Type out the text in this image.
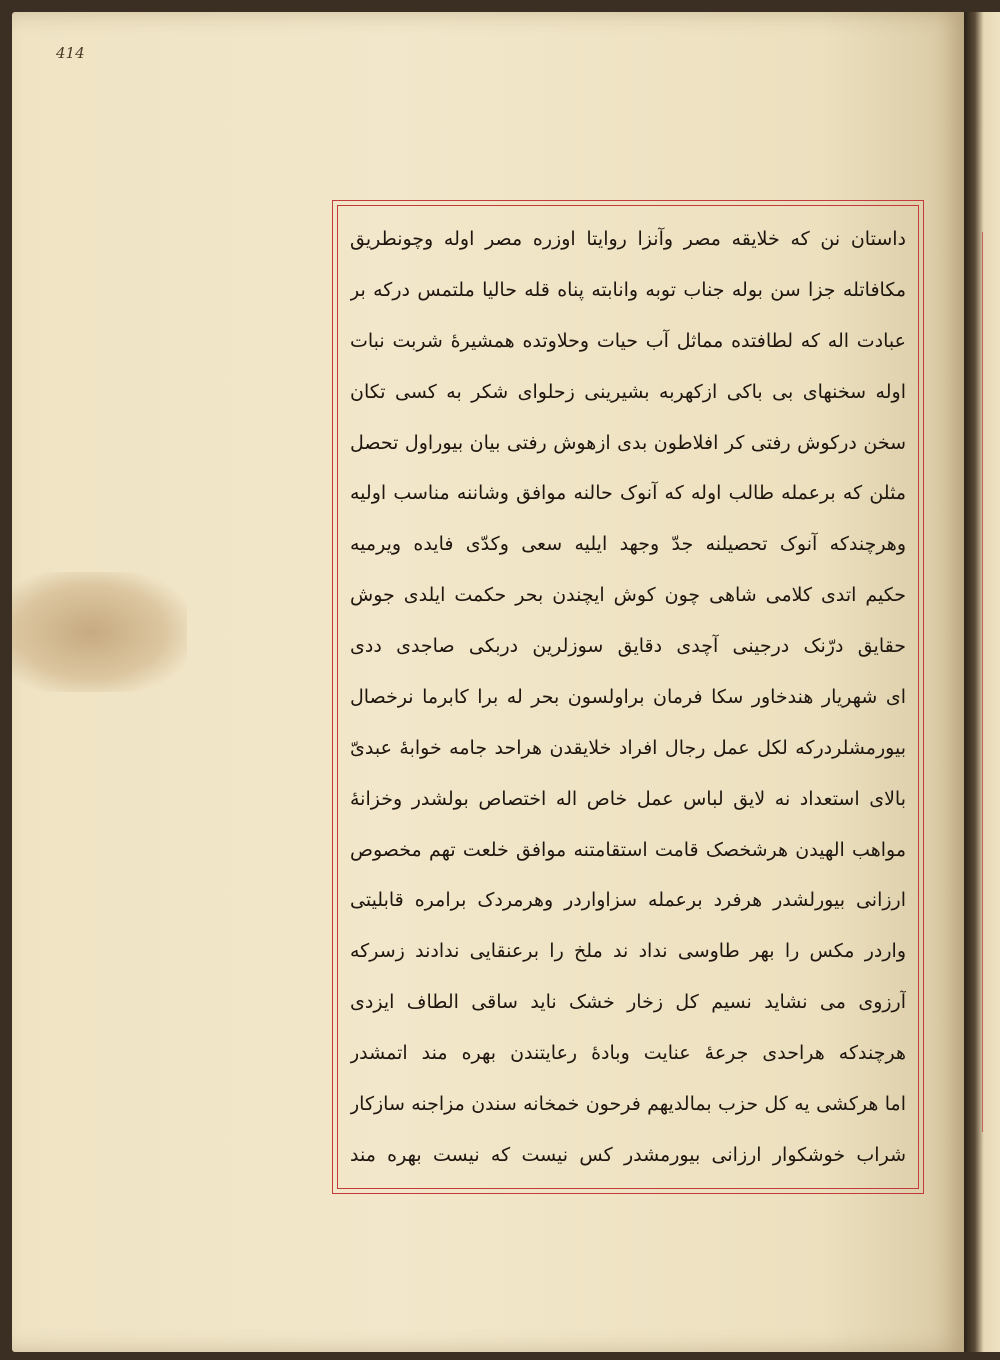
414
داستان نن که خلایقه مصر وآنزا روایتا اوزره مصر اوله وچونطریق
مکافاتله جزا سن بوله جناب توبه وانابته پناه قله حالیا ملتمس درکه بر
عبادت اله که لطافتده مماثل آب حیات وحلاوتده همشیرهٔ شربت نبات
اوله سخنهای بی باکی ازکهربه بشیرینی زحلوای شکر به کسی تکان
سخن درکوش رفتی کر افلاطون بدی ازهوش رفتی بیان بیوراول تحصل
مثلن که برعمله طالب اوله که آنوک حالنه موافق وشاننه مناسب اولیه
وهرچندکه آنوک تحصیلنه جدّ وجهد ایلیه سعی وکدّی فایده ویرمیه
حکیم اتدی کلامی شاهی چون کوش ایچندن بحر حکمت ایلدی جوش
حقایق درّنک درجینی آچدی دقایق سوزلرین دربکی صاجدی ددی
ای شهریار هندخاور سکا فرمان براولسون بحر له برا کابرما نرخصال
بیورمشلردرکه لکل عمل رجال افراد خلایقدن هراحد جامه خوابهٔ عبدیّ
بالای استعداد نه لایق لباس عمل خاص اله اختصاص بولشدر وخزانهٔ
مواهب الهیدن هرشخصک قامت استقامتنه موافق خلعت تهم مخصوص
ارزانی بیورلشدر هرفرد برعمله سزاواردر وهرمردک برامره قابلیتی
واردر مکس را بهر طاوسی نداد ند ملخ را برعنقایی ندادند زسرکه
آرزوی می نشاید نسیم کل زخار خشک ناید ساقی الطاف ایزدی
هرچندکه هراحدی جرعهٔ عنایت وبادهٔ رعایتندن بهره مند اتمشدر
اما هرکشی یه کل حزب بمالدیهم فرحون خمخانه سندن مزاجنه سازکار
شراب خوشکوار ارزانی بیورمشدر کس نیست که نیست بهره مند
